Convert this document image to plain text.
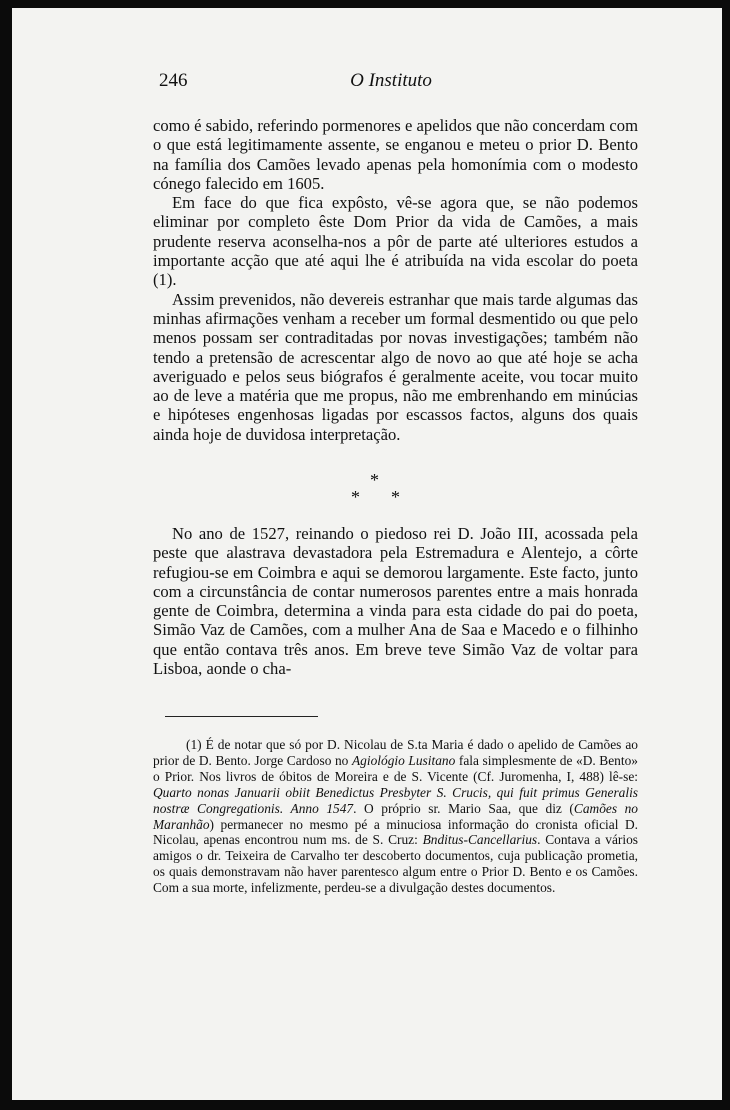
246	O Instituto

como é sabido, referindo pormenores e apelidos que não concerdam com o que está legitimamente assente, se enganou e meteu o prior D. Bento na família dos Camões levado apenas pela homonímia com o modesto cónego falecido em 1605.

Em face do que fica expôsto, vê-se agora que, se não podemos eliminar por completo êste Dom Prior da vida de Camões, a mais prudente reserva aconselha-nos a pôr de parte até ulteriores estudos a importante acção que até aqui lhe é atribuída na vida escolar do poeta (1).

Assim prevenidos, não devereis estranhar que mais tarde algumas das minhas afirmações venham a receber um formal desmentido ou que pelo menos possam ser contraditadas por novas investigações; também não tendo a pretensão de acrescentar algo de novo ao que até hoje se acha averiguado e pelos seus biógrafos é geralmente aceite, vou tocar muito ao de leve a matéria que me propus, não me embrenhando em minúcias e hipóteses engenhosas ligadas por escassos factos, alguns dos quais ainda hoje de duvidosa interpretação.

*
* *

No ano de 1527, reinando o piedoso rei D. João III, acossada pela peste que alastrava devastadora pela Estremadura e Alentejo, a côrte refugiou-se em Coimbra e aqui se demorou largamente. Este facto, junto com a circunstância de contar numerosos parentes entre a mais honrada gente de Coimbra, determina a vinda para esta cidade do pai do poeta, Simão Vaz de Camões, com a mulher Ana de Saa e Macedo e o filhinho que então contava três anos. Em breve teve Simão Vaz de voltar para Lisboa, aonde o cha-

(1) É de notar que só por D. Nicolau de S.ta Maria é dado o apelido de Camões ao prior de D. Bento. Jorge Cardoso no Agiológio Lusitano fala simplesmente de «D. Bento» o Prior. Nos livros de óbitos de Moreira e de S. Vicente (Cf. Juromenha, I, 488) lê-se: Quarto nonas Januarii obiit Benedictus Presbyter S. Crucis, qui fuit primus Generalis nostræ Congregationis. Anno 1547. O próprio sr. Mario Saa, que diz (Camões no Maranhão) permanecer no mesmo pé a minuciosa informação do cronista oficial D. Nicolau, apenas encontrou num ms. de S. Cruz: Bnditus-Cancellarius. Contava a vários amigos o dr. Teixeira de Carvalho ter descoberto documentos, cuja publicação prometia, os quais demonstravam não haver parentesco algum entre o Prior D. Bento e os Camões. Com a sua morte, infelizmente, perdeu-se a divulgação destes documentos.
